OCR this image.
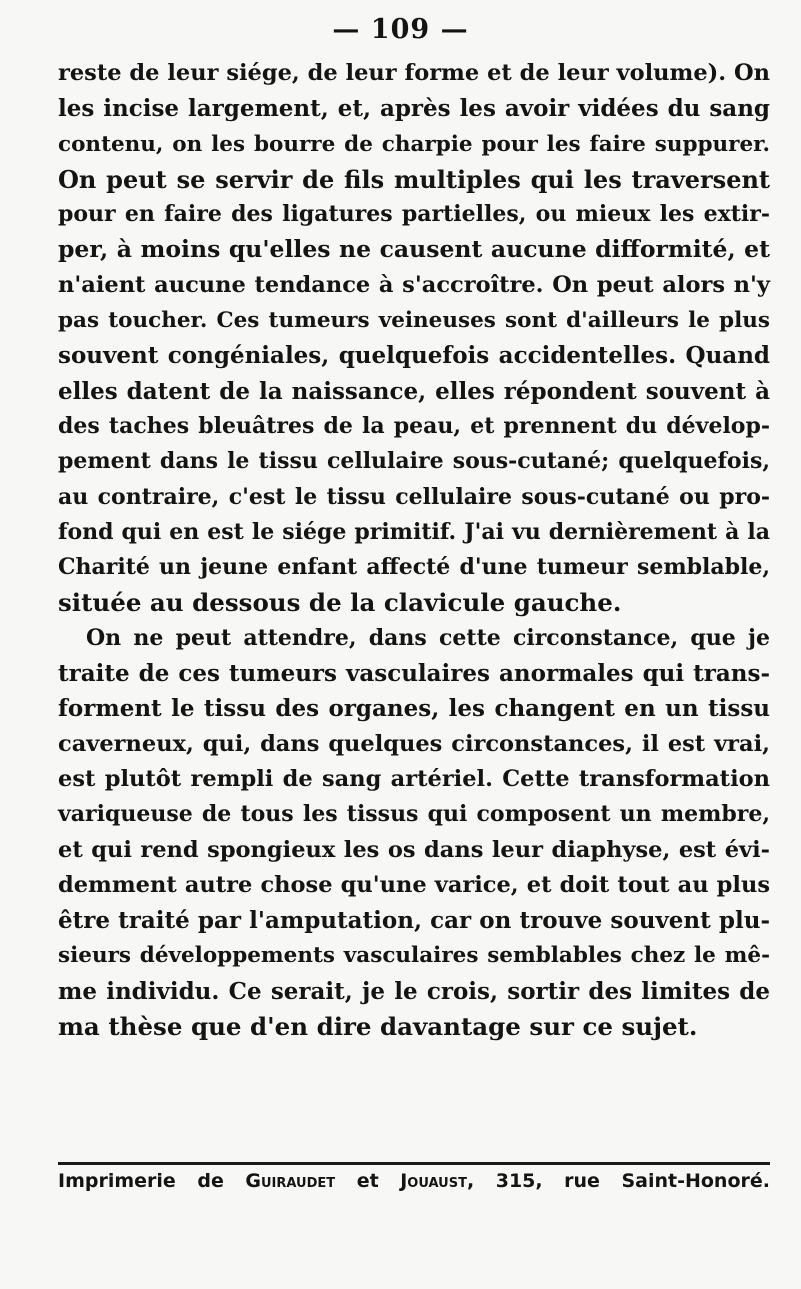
— 109 —
reste de leur siége, de leur forme et de leur volume). On
les incise largement, et, après les avoir vidées du sang
contenu, on les bourre de charpie pour les faire suppurer.
On peut se servir de fils multiples qui les traversent
pour en faire des ligatures partielles, ou mieux les extir-
per, à moins qu'elles ne causent aucune difformité, et
n'aient aucune tendance à s'accroître. On peut alors n'y
pas toucher. Ces tumeurs veineuses sont d'ailleurs le plus
souvent congéniales, quelquefois accidentelles. Quand
elles datent de la naissance, elles répondent souvent à
des taches bleuâtres de la peau, et prennent du dévelop-
pement dans le tissu cellulaire sous-cutané; quelquefois,
au contraire, c'est le tissu cellulaire sous-cutané ou pro-
fond qui en est le siége primitif. J'ai vu dernièrement à la
Charité un jeune enfant affecté d'une tumeur semblable,
située au dessous de la clavicule gauche.
On ne peut attendre, dans cette circonstance, que je
traite de ces tumeurs vasculaires anormales qui trans-
forment le tissu des organes, les changent en un tissu
caverneux, qui, dans quelques circonstances, il est vrai,
est plutôt rempli de sang artériel. Cette transformation
variqueuse de tous les tissus qui composent un membre,
et qui rend spongieux les os dans leur diaphyse, est évi-
demment autre chose qu'une varice, et doit tout au plus
être traité par l'amputation, car on trouve souvent plu-
sieurs développements vasculaires semblables chez le mê-
me individu. Ce serait, je le crois, sortir des limites de
ma thèse que d'en dire davantage sur ce sujet.
Imprimerie de Guiraudet et Jouaust, 315, rue Saint-Honoré.
